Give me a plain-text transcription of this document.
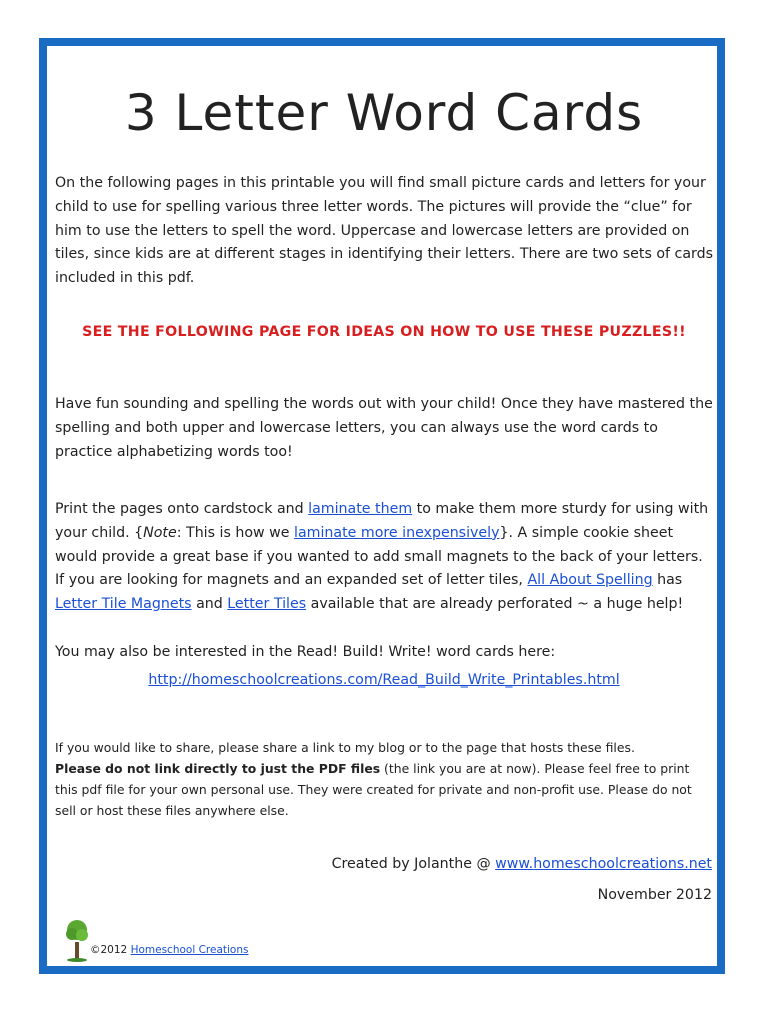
3 Letter Word Cards
On the following pages in this printable you will find small picture cards and letters for your child to use for spelling various three letter words. The pictures will provide the “clue” for him to use the letters to spell the word. Uppercase and lowercase letters are provided on tiles, since kids are at different stages in identifying their letters. There are two sets of cards included in this pdf.
SEE THE FOLLOWING PAGE FOR IDEAS ON HOW TO USE THESE PUZZLES!!
Have fun sounding and spelling the words out with your child! Once they have mastered the spelling and both upper and lowercase letters, you can always use the word cards to practice alphabetizing words too!
Print the pages onto cardstock and laminate them to make them more sturdy for using with your child. {Note: This is how we laminate more inexpensively}. A simple cookie sheet would provide a great base if you wanted to add small magnets to the back of your letters. If you are looking for magnets and an expanded set of letter tiles, All About Spelling has Letter Tile Magnets and Letter Tiles available that are already perforated ~ a huge help!
You may also be interested in the Read! Build! Write! word cards here:
http://homeschoolcreations.com/Read_Build_Write_Printables.html
If you would like to share, please share a link to my blog or to the page that hosts these files.
Please do not link directly to just the PDF files (the link you are at now). Please feel free to print this pdf file for your own personal use. They were created for private and non-profit use. Please do not sell or host these files anywhere else.
Created by Jolanthe @ www.homeschoolcreations.net
November 2012
©2012 Homeschool Creations
